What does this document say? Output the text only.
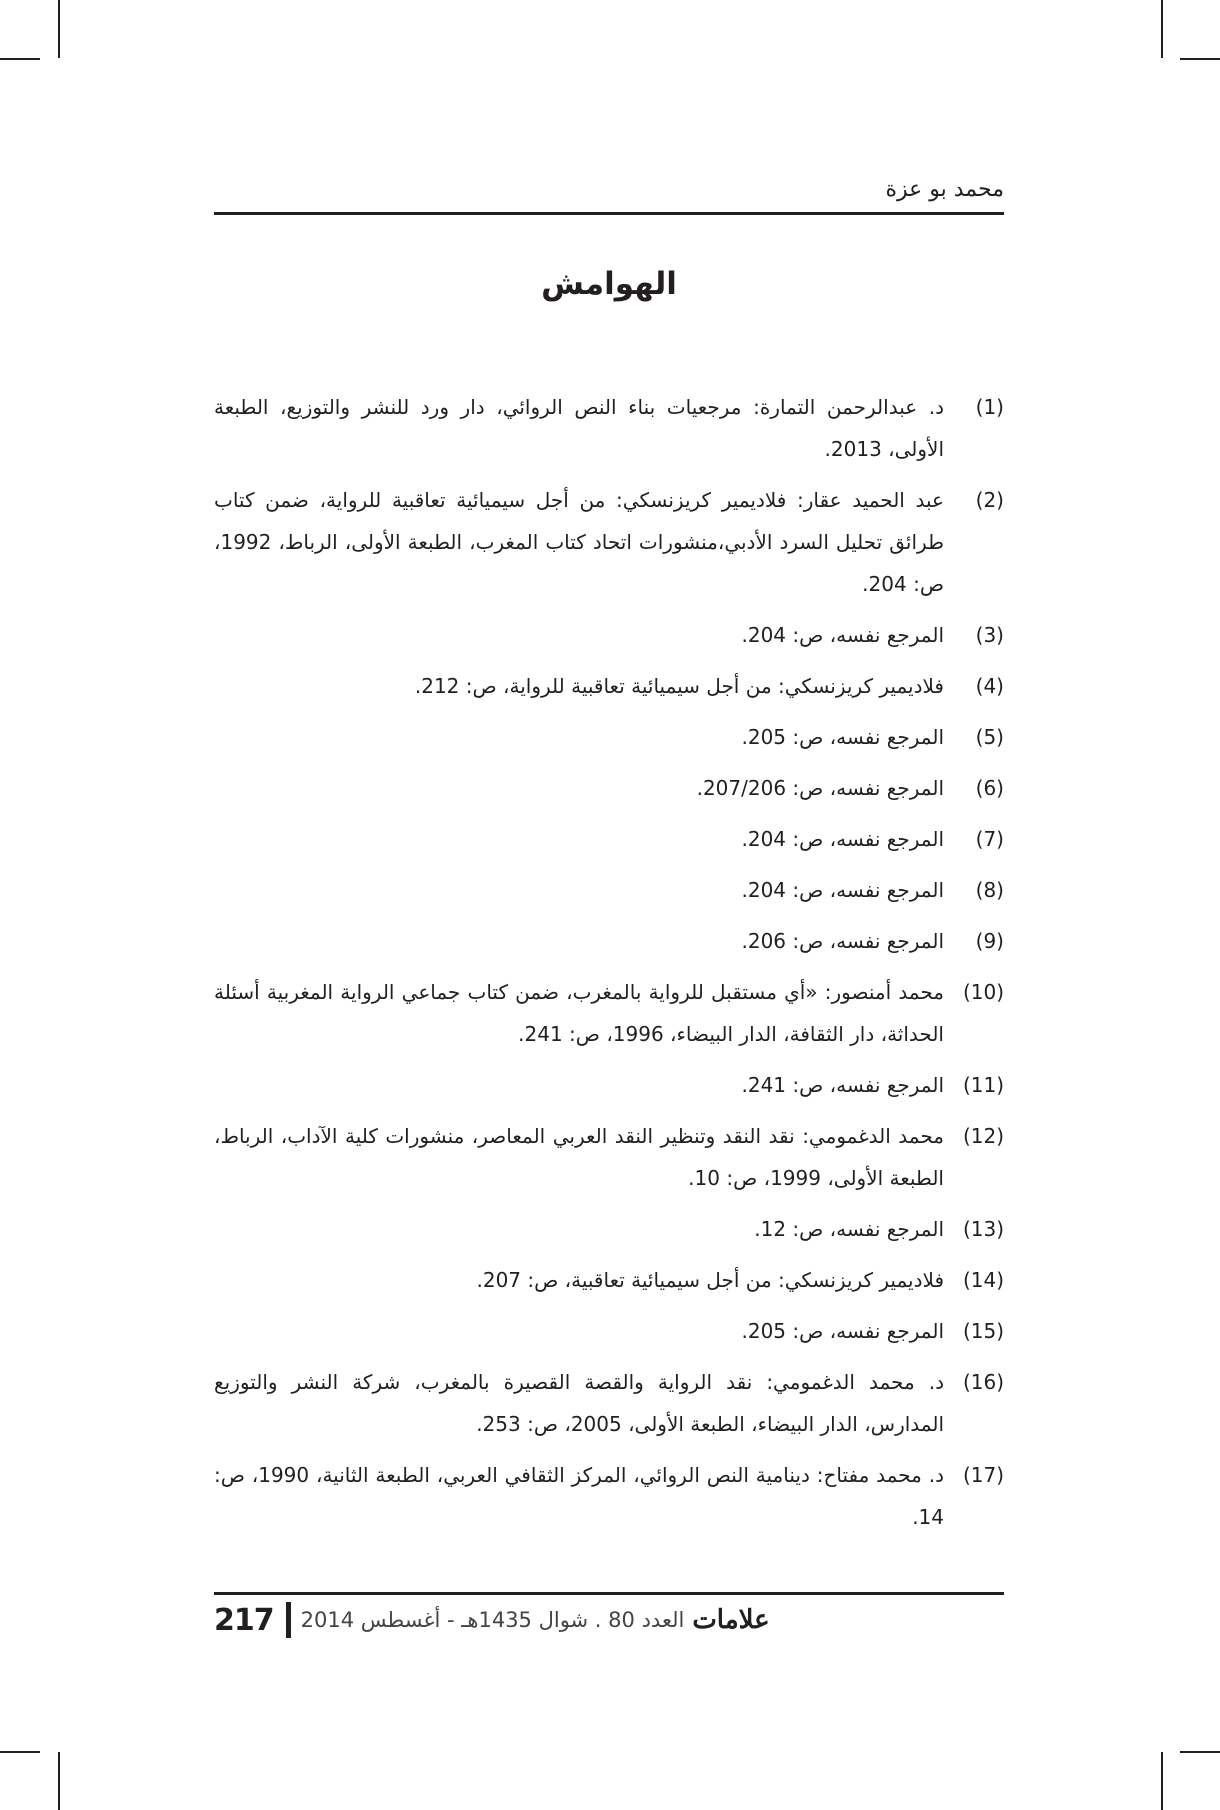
محمد بو عزة
الهوامش
(1)
د. عبدالرحمن التمارة: مرجعيات بناء النص الروائي، دار ورد للنشر والتوزيع، الطبعة الأولى، 2013.
(2)
عبد الحميد عقار: فلاديمير كريزنسكي: من أجل سيميائية تعاقبية للرواية، ضمن كتاب طرائق تحليل السرد الأدبي،منشورات اتحاد كتاب المغرب، الطبعة الأولى، الرباط، 1992، ص: 204.
(3)
المرجع نفسه، ص: 204.
(4)
فلاديمير كريزنسكي: من أجل سيميائية تعاقبية للرواية، ص: 212.
(5)
المرجع نفسه، ص: 205.
(6)
المرجع نفسه، ص: 207/206.
(7)
المرجع نفسه، ص: 204.
(8)
المرجع نفسه، ص: 204.
(9)
المرجع نفسه، ص: 206.
(10)
محمد أمنصور: «أي مستقبل للرواية بالمغرب، ضمن كتاب جماعي الرواية المغربية أسئلة الحداثة، دار الثقافة، الدار البيضاء، 1996، ص: 241.
(11)
المرجع نفسه، ص: 241.
(12)
محمد الدغمومي: نقد النقد وتنظير النقد العربي المعاصر، منشورات كلية الآداب، الرباط، الطبعة الأولى، 1999، ص: 10.
(13)
المرجع نفسه، ص: 12.
(14)
فلاديمير كريزنسكي: من أجل سيميائية تعاقبية، ص: 207.
(15)
المرجع نفسه، ص: 205.
(16)
د. محمد الدغمومي: نقد الرواية والقصة القصيرة بالمغرب، شركة النشر والتوزيع المدارس، الدار البيضاء، الطبعة الأولى، 2005، ص: 253.
(17)
د. محمد مفتاح: دينامية النص الروائي، المركز الثقافي العربي، الطبعة الثانية، 1990، ص: 14.
217	العدد 80 . شوال 1435هـ - أغسطس 2014 علامات
